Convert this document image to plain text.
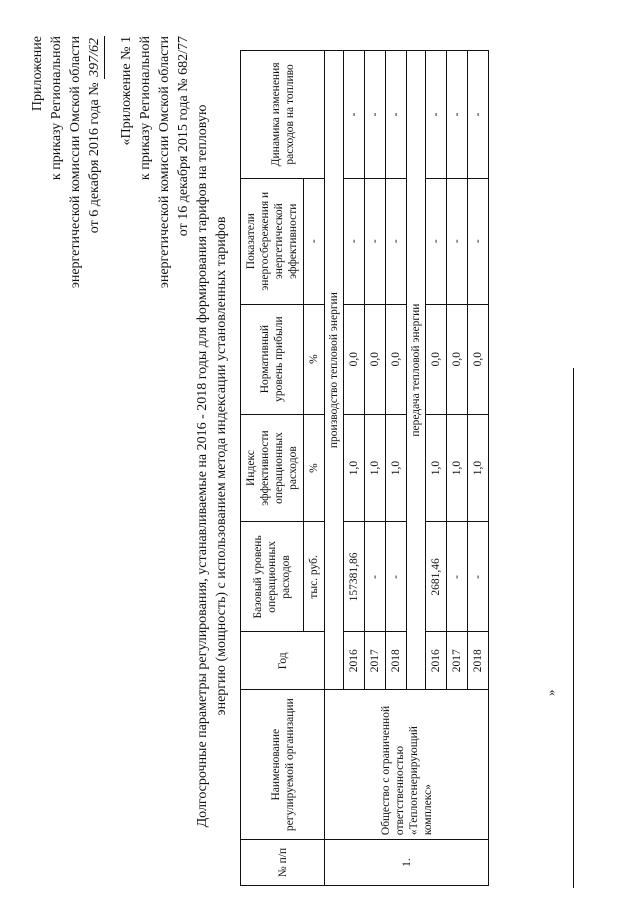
Приложение к приказу Региональной энергетической комиссии Омской области от 6 декабря 2016 года № 397/62 «Приложение № 1 к приказу Региональной энергетической комиссии Омской области от 16 декабря 2015 года № 682/77 Долгосрочные параметры регулирования, устанавливаемые на 2016 - 2018 годы для формирования тарифов на тепловую энергию (мощность) с использованием метода индексации установленных тарифов
№ п/п	Наименование регулируемой организации	Год	Базовый уровень операционных расходов	Индекс эффективности операционных расходов	Нормативный уровень прибыли	Показатели энергосбережения и энергетической эффективности	Динамика изменения расходов на топливо
			тыс. руб.	%	%	-	
1.	Общество с ограниченной ответственностью «Теплогенерирующий комплекс»	производство тепловой энергии					
		2016	157381,86	1,0	0,0	-	-
		2017	-	1,0	0,0	-	-
		2018	-	1,0	0,0	-	-
		передача тепловой энергии					
		2016	2681,46	1,0	0,0	-	-
		2017	-	1,0	0,0	-	-
		2018	-	1,0	0,0	-	-
»
